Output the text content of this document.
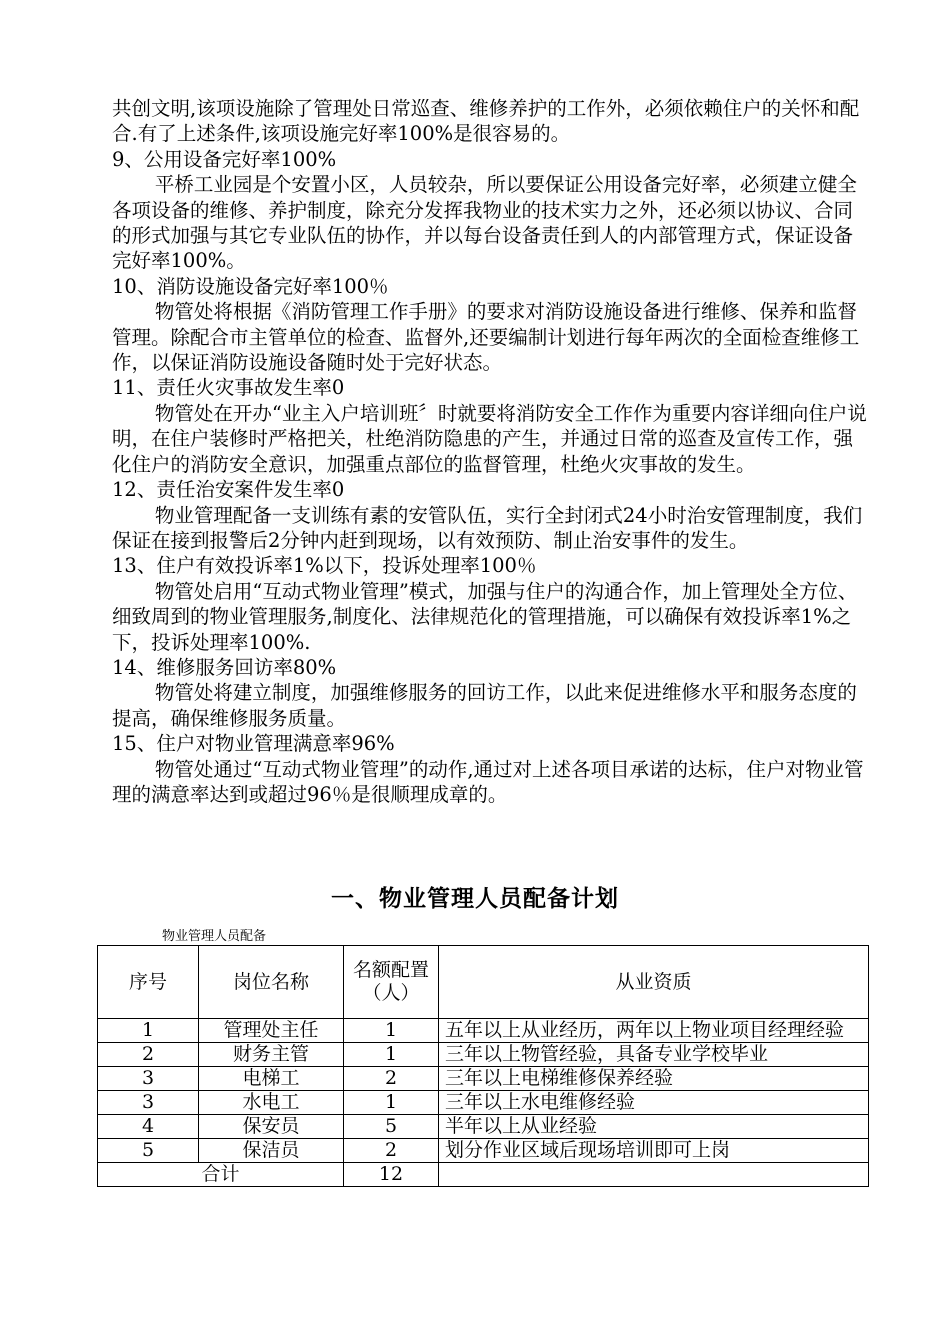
共创文明,该项设施除了管理处日常巡查、维修养护的工作外，必须依赖住户的关怀和配合.有了上述条件,该项设施完好率100%是很容易的。

9、公用设备完好率100%

平桥工业园是个安置小区，人员较杂，所以要保证公用设备完好率，必须建立健全各项设备的维修、养护制度，除充分发挥我物业的技术实力之外，还必须以协议、合同的形式加强与其它专业队伍的协作，并以每台设备责任到人的内部管理方式，保证设备完好率100%。

10、消防设施设备完好率100％

物管处将根据《消防管理工作手册》的要求对消防设施设备进行维修、保养和监督管理。除配合市主管单位的检查、监督外,还要编制计划进行每年两次的全面检查维修工作，以保证消防设施设备随时处于完好状态。

11、责任火灾事故发生率0

物管处在开办“业主入户培训班〞时就要将消防安全工作作为重要内容详细向住户说明，在住户装修时严格把关，杜绝消防隐患的产生，并通过日常的巡查及宣传工作，强化住户的消防安全意识，加强重点部位的监督管理，杜绝火灾事故的发生。

12、责任治安案件发生率0

物业管理配备一支训练有素的安管队伍，实行全封闭式24小时治安管理制度，我们保证在接到报警后2分钟内赶到现场，以有效预防、制止治安事件的发生。

13、住户有效投诉率1%以下，投诉处理率100％

物管处启用“互动式物业管理”模式，加强与住户的沟通合作，加上管理处全方位、细致周到的物业管理服务,制度化、法律规范化的管理措施，可以确保有效投诉率1%之下，投诉处理率100%.

14、维修服务回访率80%

物管处将建立制度，加强维修服务的回访工作，以此来促进维修水平和服务态度的提高，确保维修服务质量。

15、住户对物业管理满意率96%

物管处通过“互动式物业管理”的动作,通过对上述各项目承诺的达标，住户对物业管理的满意率达到或超过96％是很顺理成章的。

一、物业管理人员配备计划
物业管理人员配备
序号	岗位名称	名额配置（人）	从业资质
1	管理处主任	1	五年以上从业经历，两年以上物业项目经理经验
2	财务主管	1	三年以上物管经验，具备专业学校毕业
3	电梯工	2	三年以上电梯维修保养经验
3	水电工	1	三年以上水电维修经验
4	保安员	5	半年以上从业经验
5	保洁员	2	划分作业区域后现场培训即可上岗
合计		12	
